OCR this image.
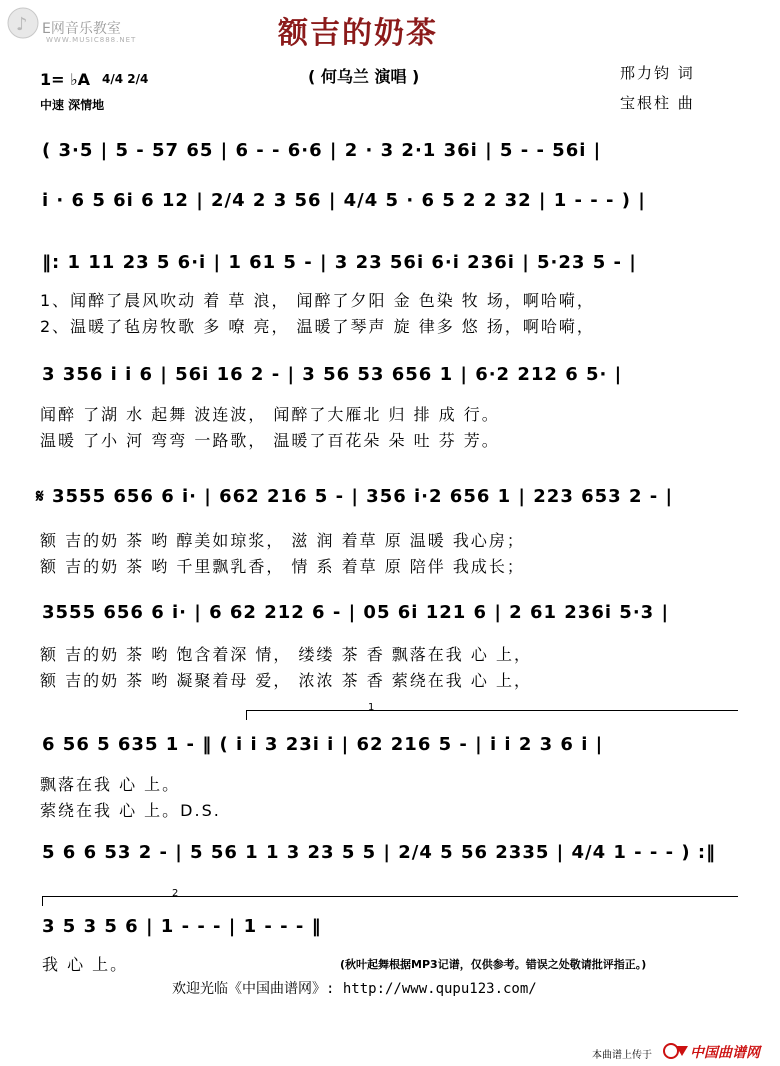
♪ E网音乐教室
WWW.MUSIC888.NET	额吉的奶茶
( 何乌兰 演唱 )
1= ♭A 4/4 2/4
中速 深情地
邢力钧 词
宝根柱 曲
( 3·5 | 5 - 57 65 | 6 - - 6·6 | 2 · 3 2·1 36i | 5 - - 56i |
i · 6 5 6i 6 12 | 2/4 2 3 56 | 4/4 5 · 6 5 2 2 32 | 1 - - - ) |
‖: 1 11 23 5 6·i | 1 61 5 - | 3 23 56i 6·i 236i | 5·23 5 - |
1、闻醉了晨风吹动 着 草 浪， 闻醉了夕阳 金 色染 牧 场，啊哈嗬，
2、温暖了毡房牧歌 多 嘹 亮， 温暖了琴声 旋 律多 悠 扬，啊哈嗬，
3 356 i i 6 | 56i 16 2 - | 3 56 53 656 1 | 6·2 212 6 5· |
闻醉 了湖 水 起舞 波连波， 闻醉了大雁北 归 排 成 行。
温暖 了小 河 弯弯 一路歌， 温暖了百花朵 朵 吐 芬 芳。
𝄋 3555 656 6 i· | 662 216 5 - | 356 i·2 656 1 | 223 653 2 - |
额 吉的奶 茶 哟 醇美如琼浆， 滋 润 着草 原 温暖 我心房；
额 吉的奶 茶 哟 千里飘乳香， 情 系 着草 原 陪伴 我成长；
3555 656 6 i· | 6 62 212 6 - | 05 6i 121 6 | 2 61 236i 5·3 |
额 吉的奶 茶 哟 饱含着深 情， 缕缕 茶 香 飘落在我 心 上，
额 吉的奶 茶 哟 凝聚着母 爱， 浓浓 茶 香 萦绕在我 心 上，
1
6 56 5 635 1 - ‖ ( i i 3 23i i | 62 216 5 - | i i 2 3 6 i |
飘落在我 心 上。
萦绕在我 心 上。D.S.
5 6 6 53 2 - | 5 56 1 1 3 23 5 5 | 2/4 5 56 2335 | 4/4 1 - - - ) :‖
2
3 5 3 5 6 | 1 - - - | 1 - - - ‖
我 心 上。	(秋叶起舞根据MP3记谱，仅供参考。错误之处敬请批评指正。)
欢迎光临《中国曲谱网》: http://www.qupu123.com/
本曲谱上传于	中国曲谱网
